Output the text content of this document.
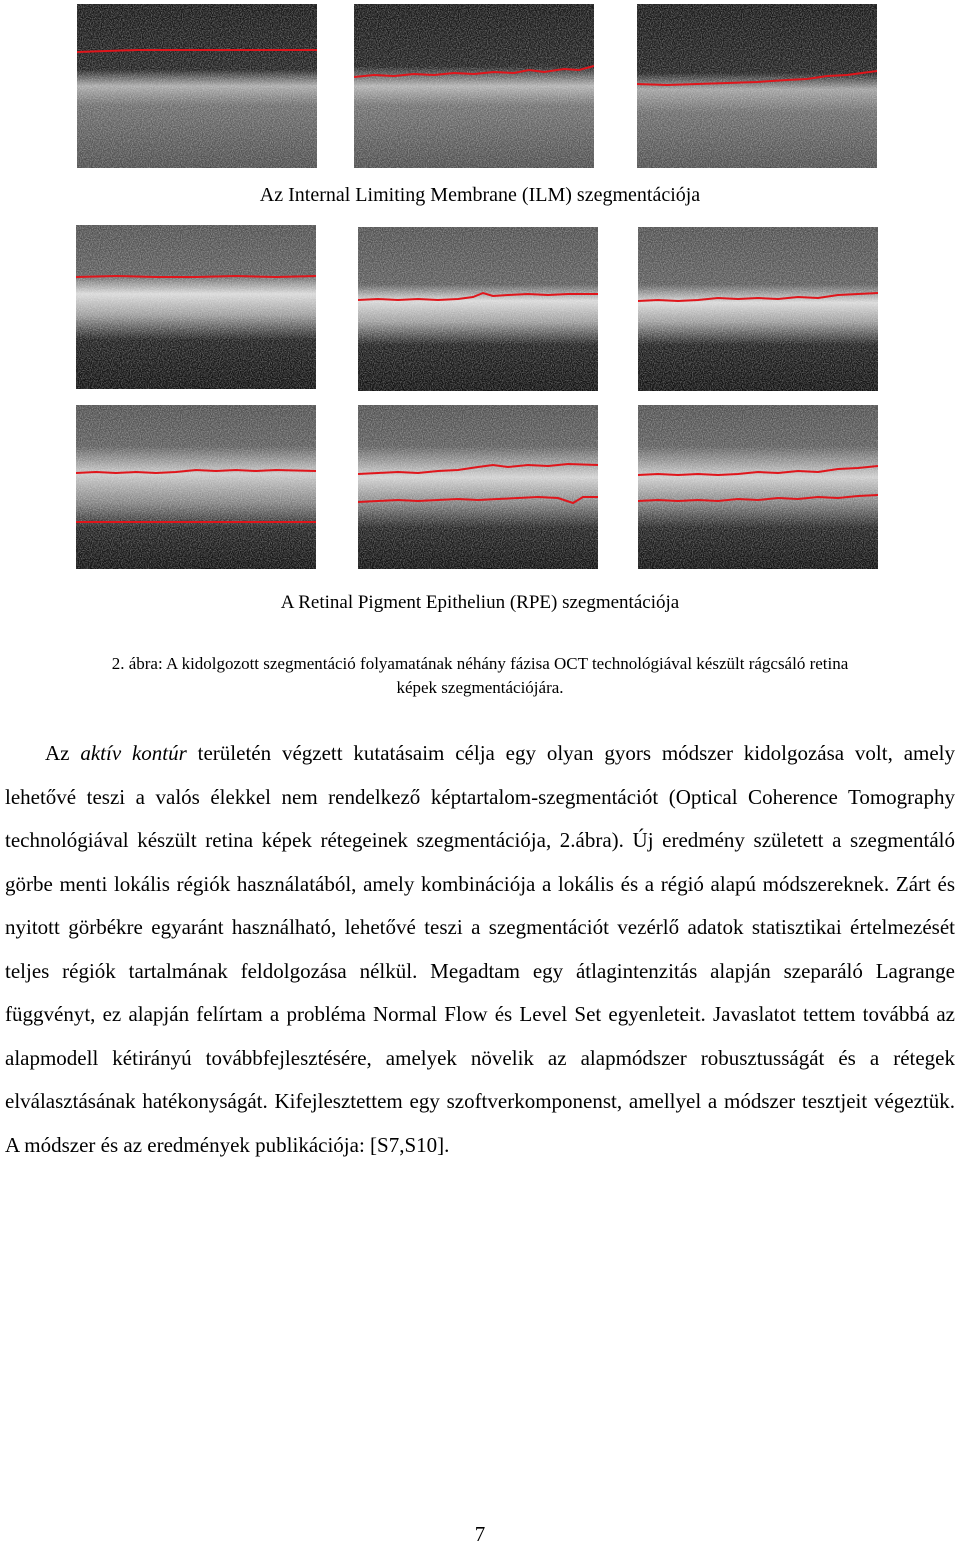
Az Internal Limiting Membrane (ILM) szegmentációja
A Retinal Pigment Epitheliun (RPE) szegmentációja
2. ábra: A kidolgozott szegmentáció folyamatának néhány fázisa OCT technológiával készült rágcsáló retina
képek szegmentációjára.

Az aktív kontúr területén végzett kutatásaim célja egy olyan gyors módszer kidolgozása volt, amely lehetővé teszi a valós élekkel nem rendelkező képtartalom-szegmentációt (Optical Coherence Tomography technológiával készült retina képek rétegeinek szegmentációja, 2.ábra). Új eredmény született a szegmentáló görbe menti lokális régiók használatából, amely kombinációja a lokális és a régió alapú módszereknek. Zárt és nyitott görbékre egyaránt használható, lehetővé teszi a szegmentációt vezérlő adatok statisztikai értelmezését teljes régiók tartalmának feldolgozása nélkül. Megadtam egy átlagintenzitás alapján szeparáló Lagrange függvényt, ez alapján felírtam a probléma Normal Flow és Level Set egyenleteit. Javaslatot tettem továbbá az alapmodell kétirányú továbbfejlesztésére, amelyek növelik az alapmódszer robusztusságát és a rétegek elválasztásának hatékonyságát. Kifejlesztettem egy szoftverkomponenst, amellyel a módszer tesztjeit végeztük. A módszer és az eredmények publikációja: [S7,S10].

7
